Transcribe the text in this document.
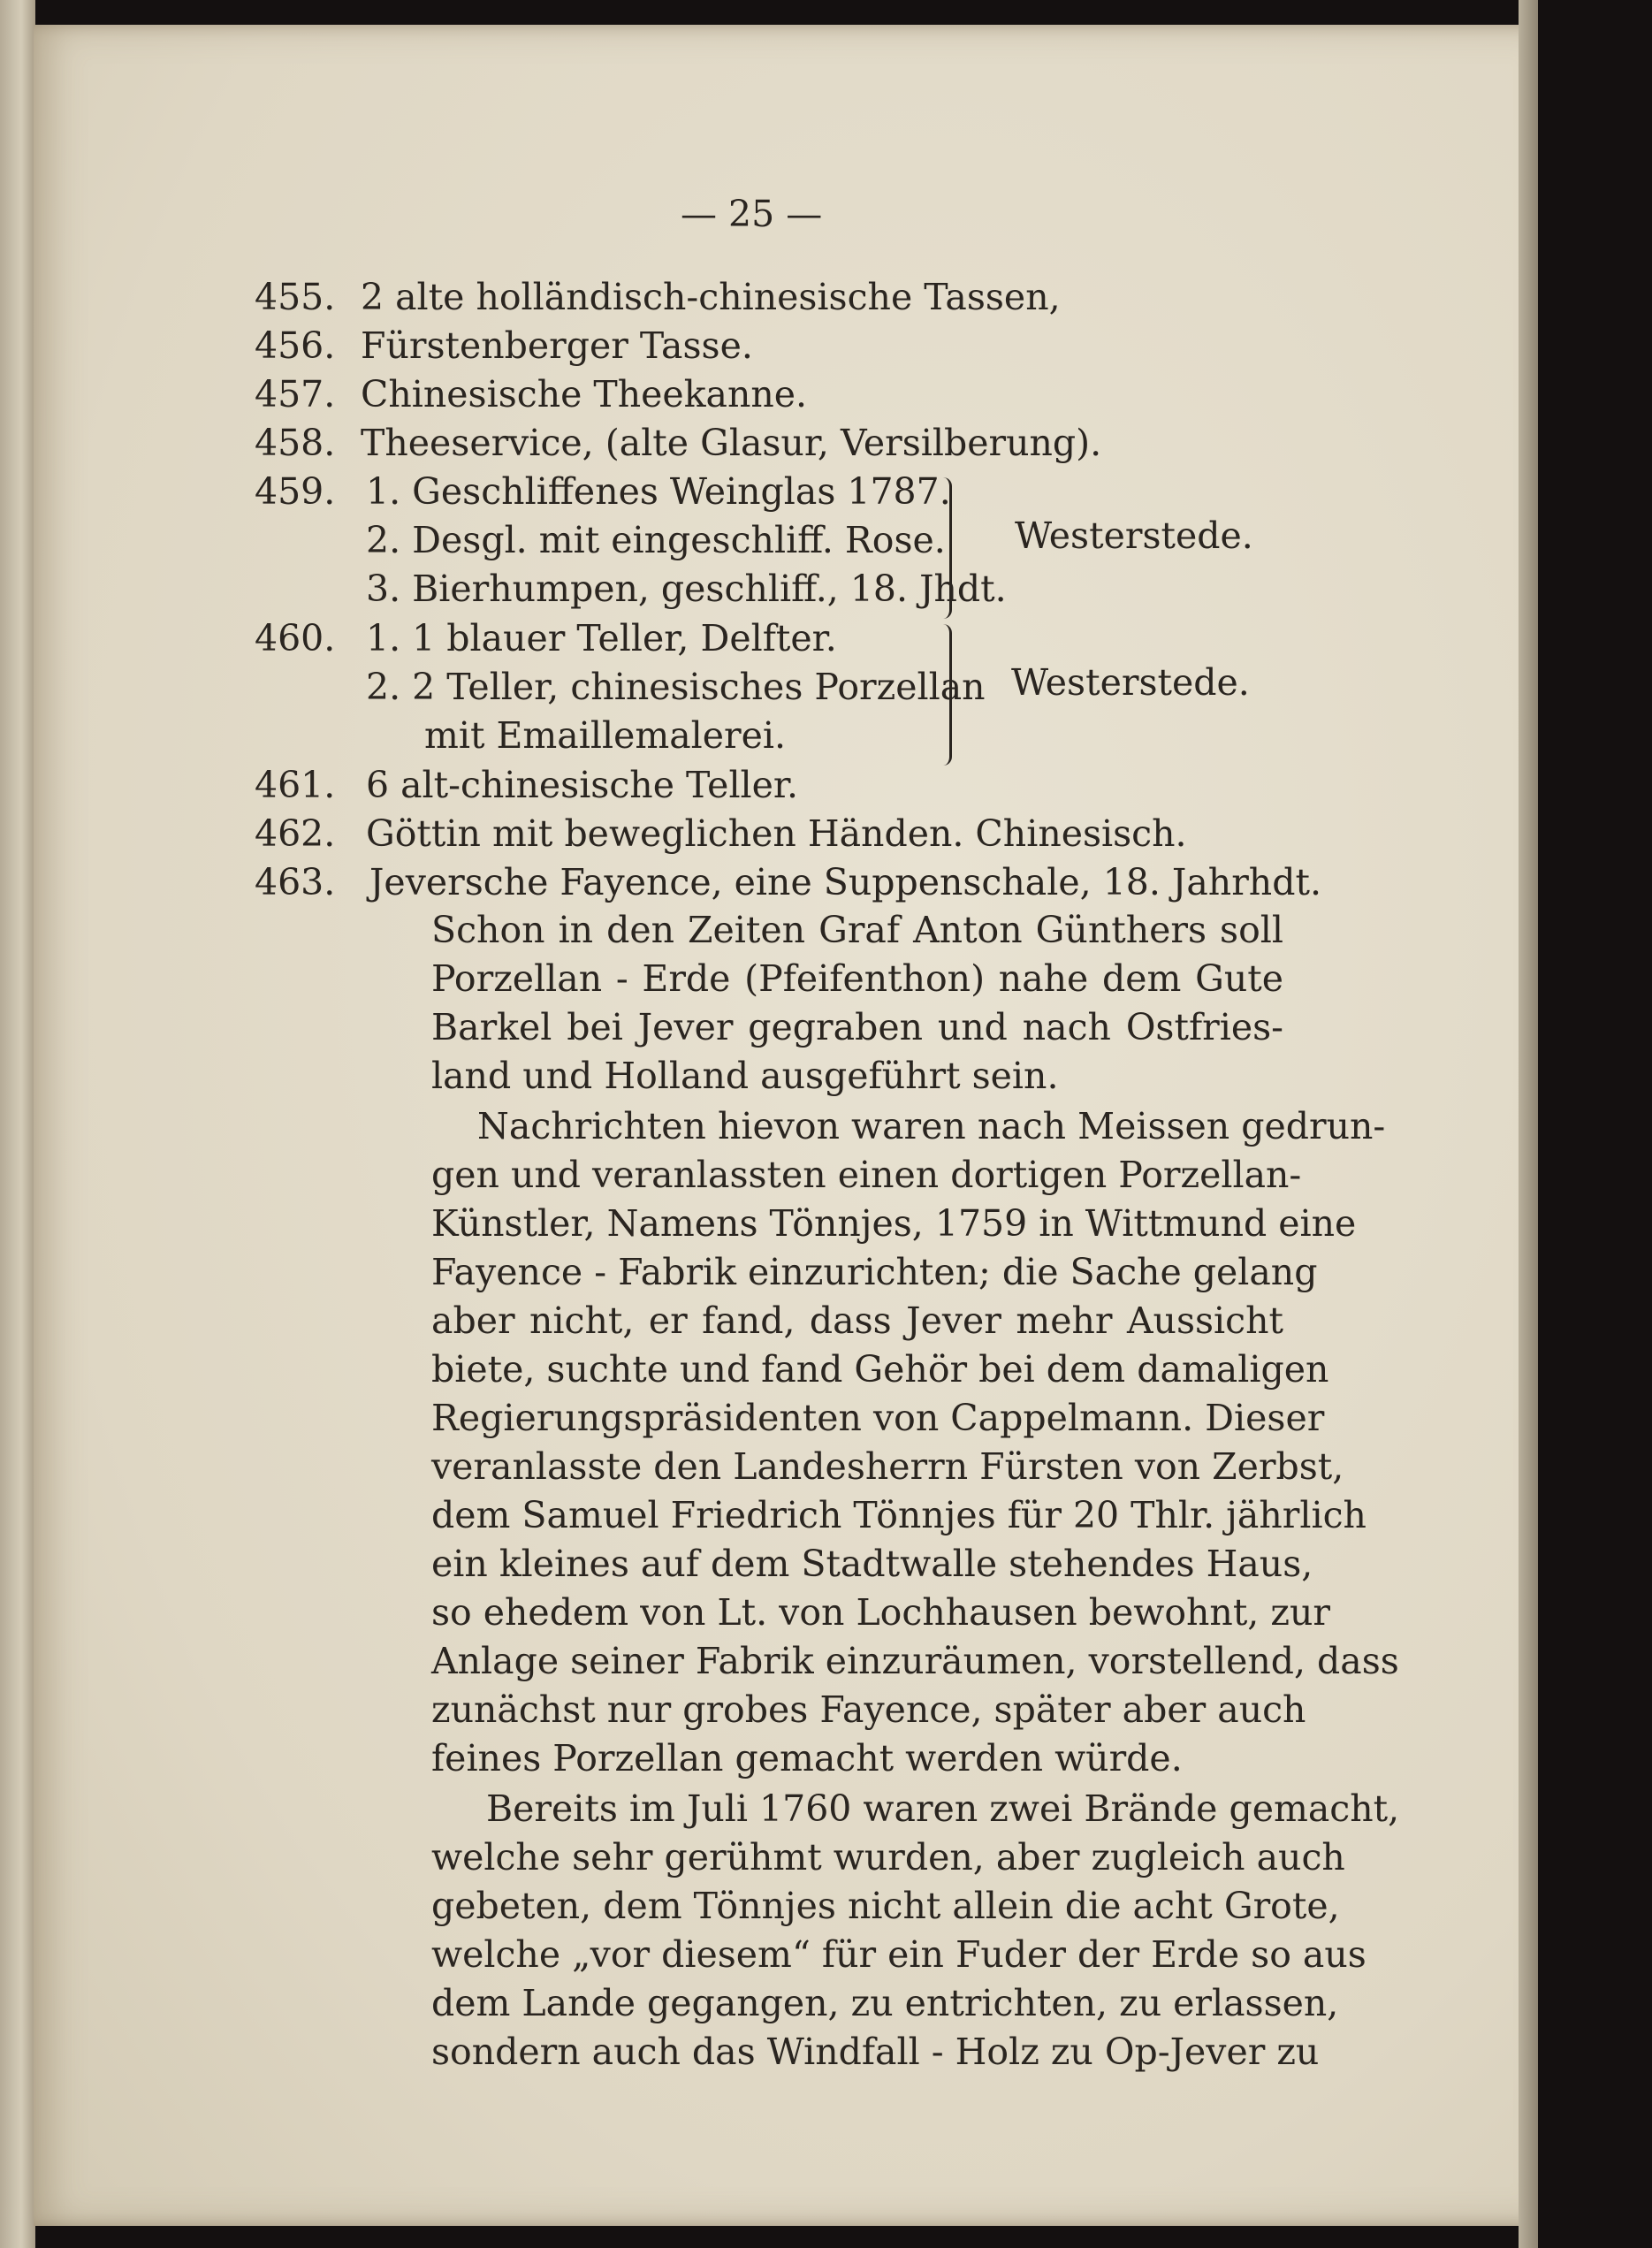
— 25 —
455. 2 alte holländisch-chinesische Tassen,
456. Fürstenberger Tasse.
457. Chinesische Theekanne.
458. Theeservice, (alte Glasur, Versilberung).
459. 1. Geschliffenes Weinglas 1787.
2. Desgl. mit eingeschliff. Rose.
3. Bierhumpen, geschliff., 18. Jhdt.
Westerstede.
460. 1. 1 blauer Teller, Delfter.
2. 2 Teller, chinesisches Porzellan
mit Emaillemalerei.
Westerstede.
461. 6 alt-chinesische Teller.
462. Göttin mit beweglichen Händen. Chinesisch.
463. Jeversche Fayence, eine Suppenschale, 18. Jahrhdt.
Schon in den Zeiten Graf Anton Günthers soll
Porzellan - Erde (Pfeifenthon) nahe dem Gute
Barkel bei Jever gegraben und nach Ostfries-
land und Holland ausgeführt sein.
Nachrichten hievon waren nach Meissen gedrun-
gen und veranlassten einen dortigen Porzellan-
Künstler, Namens Tönnjes, 1759 in Wittmund eine
Fayence - Fabrik einzurichten; die Sache gelang
aber nicht, er fand, dass Jever mehr Aussicht
biete, suchte und fand Gehör bei dem damaligen
Regierungspräsidenten von Cappelmann. Dieser
veranlasste den Landesherrn Fürsten von Zerbst,
dem Samuel Friedrich Tönnjes für 20 Thlr. jährlich
ein kleines auf dem Stadtwalle stehendes Haus,
so ehedem von Lt. von Lochhausen bewohnt, zur
Anlage seiner Fabrik einzuräumen, vorstellend, dass
zunächst nur grobes Fayence, später aber auch
feines Porzellan gemacht werden würde.
Bereits im Juli 1760 waren zwei Brände gemacht,
welche sehr gerühmt wurden, aber zugleich auch
gebeten, dem Tönnjes nicht allein die acht Grote,
welche „vor diesem“ für ein Fuder der Erde so aus
dem Lande gegangen, zu entrichten, zu erlassen,
sondern auch das Windfall - Holz zu Op-Jever zu
